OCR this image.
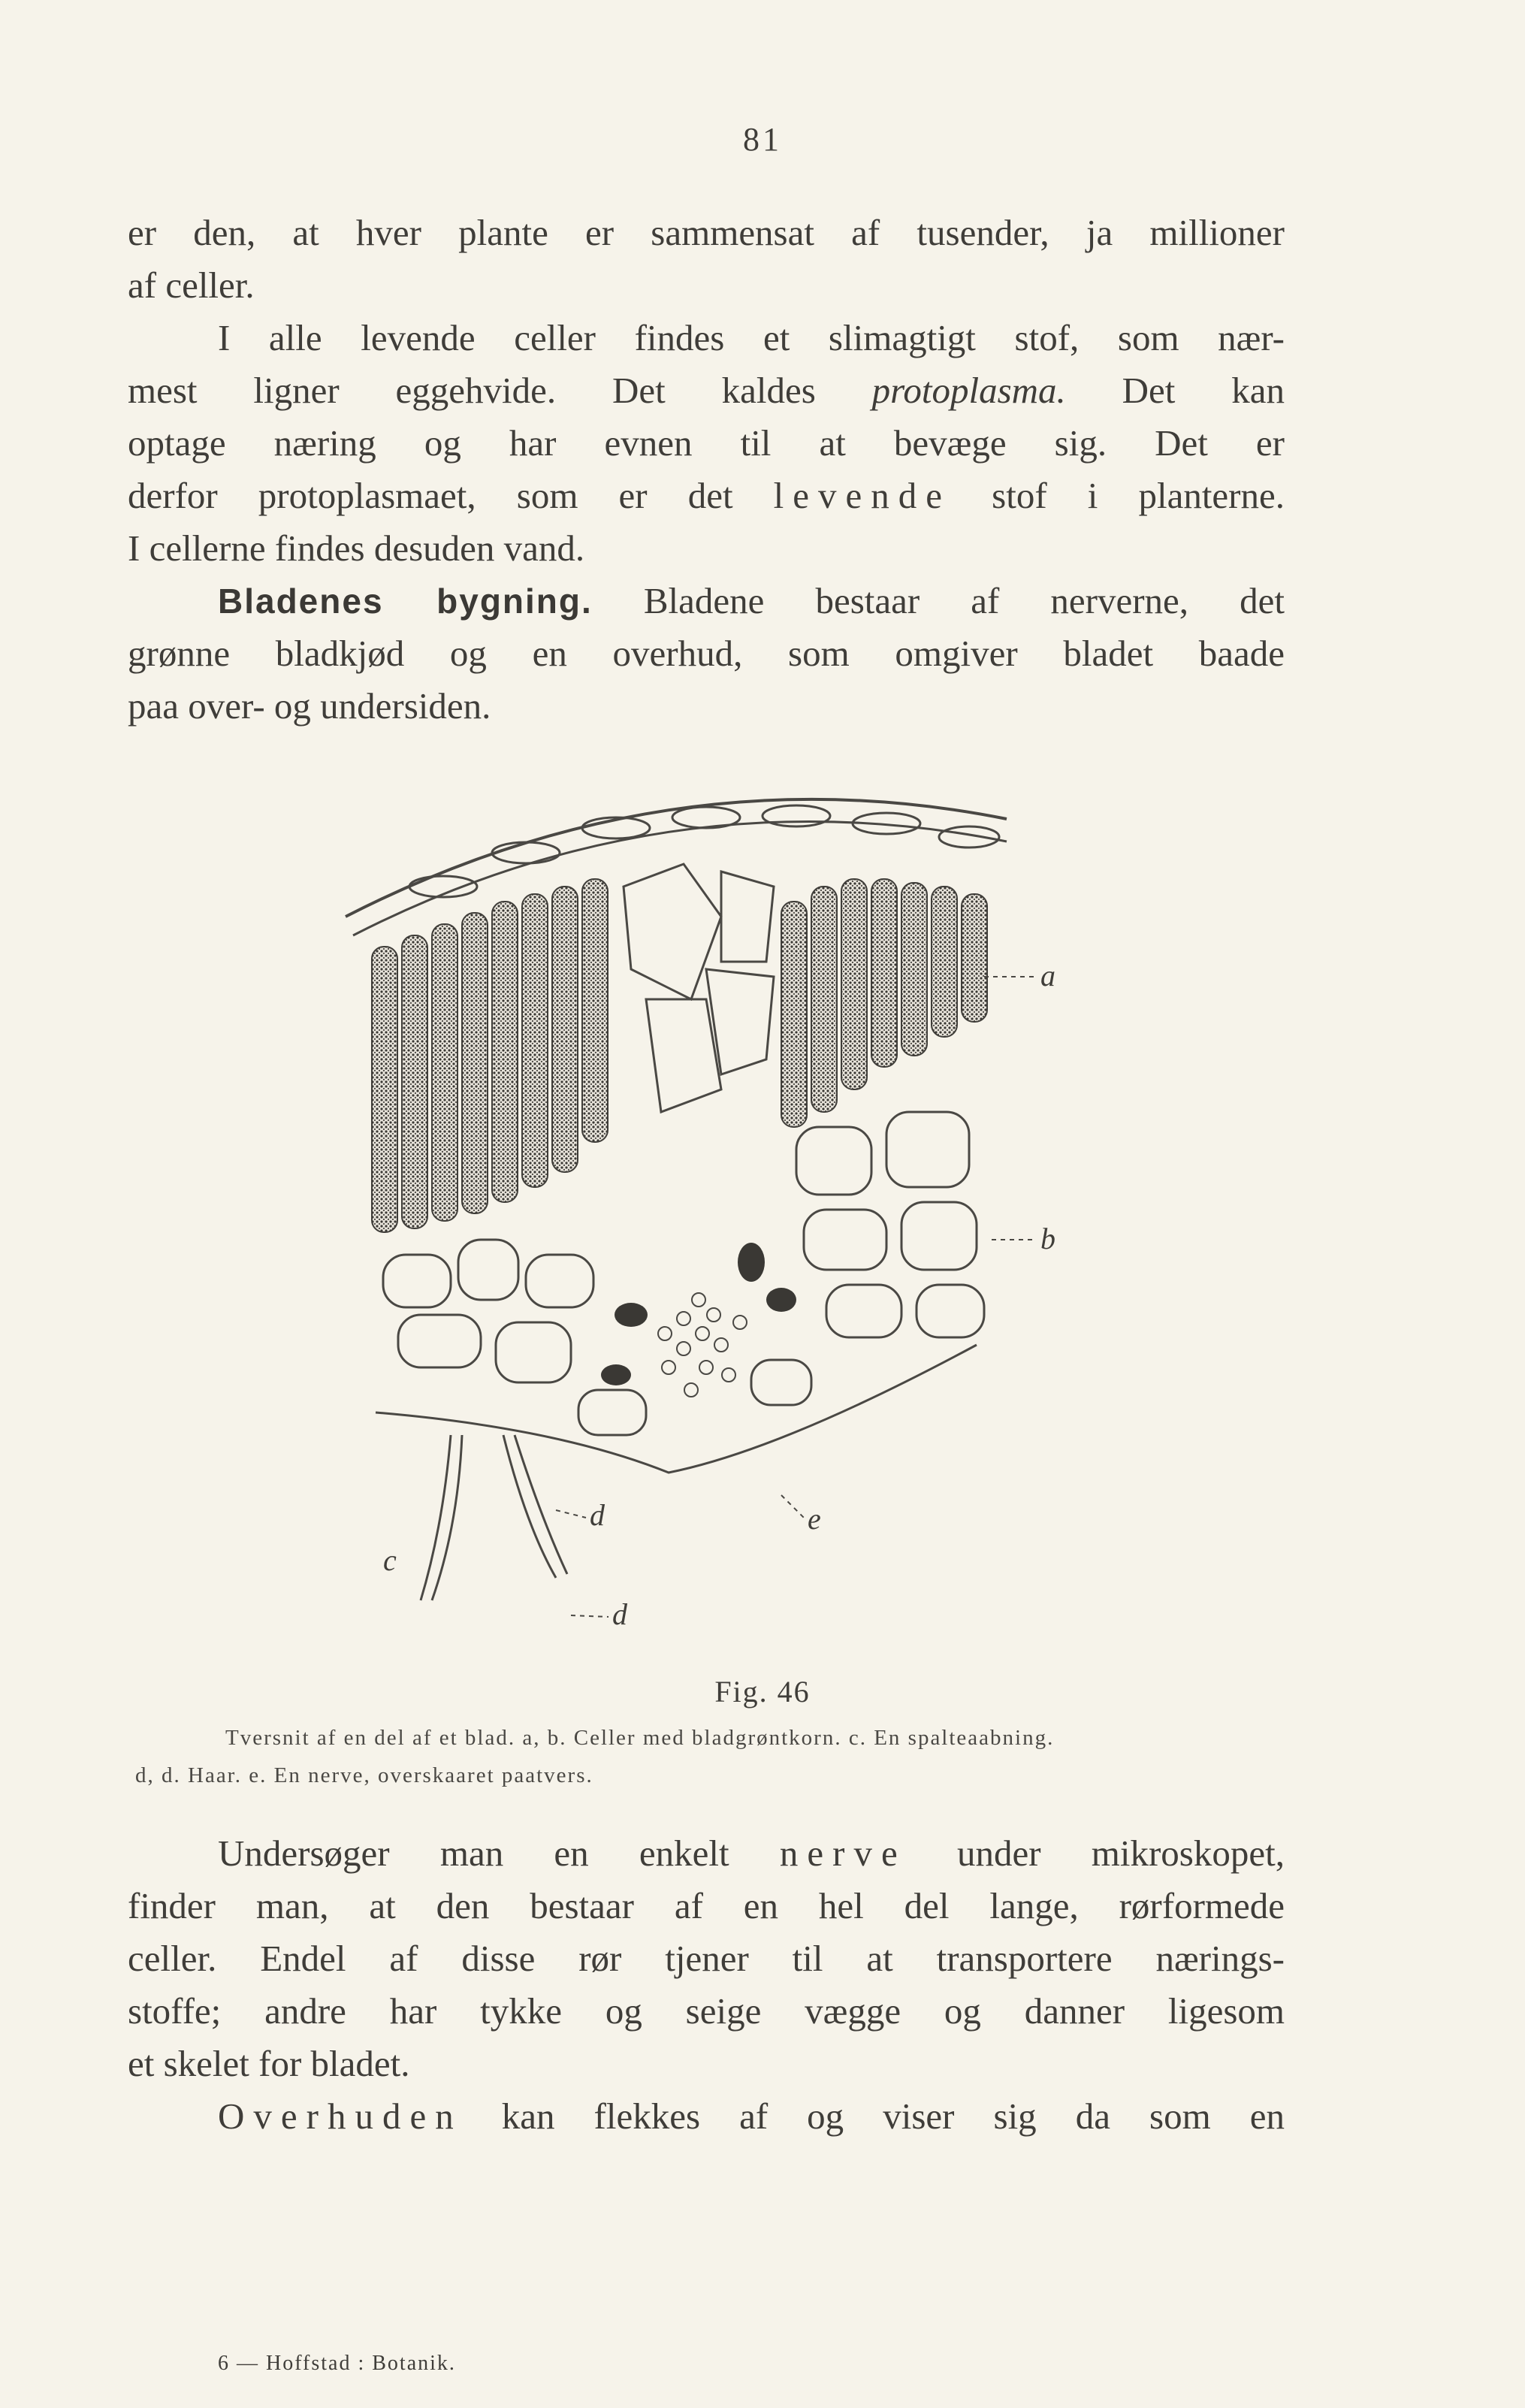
81

er den, at hver plante er sammensat af tusender, ja millioner

af celler.

I alle levende celler findes et slimagtigt stof, som nær-

mest ligner eggehvide. Det kaldes protoplasma. Det kan

optage næring og har evnen til at bevæge sig. Det er

derfor protoplasmaet, som er det levende stof i planterne.

I cellerne findes desuden vand.

Bladenes bygning. Bladene bestaar af nerverne, det

grønne bladkjød og en overhud, som omgiver bladet baade

paa over- og undersiden.

a
b
c
d
d
e
Fig. 46

Tversnit af en del af et blad. a, b. Celler med bladgrøntkorn. c. En spalteaabning.

d, d. Haar. e. En nerve, overskaaret paatvers.

Undersøger man en enkelt nerve under mikroskopet,

finder man, at den bestaar af en hel del lange, rørformede

celler. Endel af disse rør tjener til at transportere nærings-

stoffe; andre har tykke og seige vægge og danner ligesom

et skelet for bladet.

Overhuden kan flekkes af og viser sig da som en

6 — Hoffstad : Botanik.
